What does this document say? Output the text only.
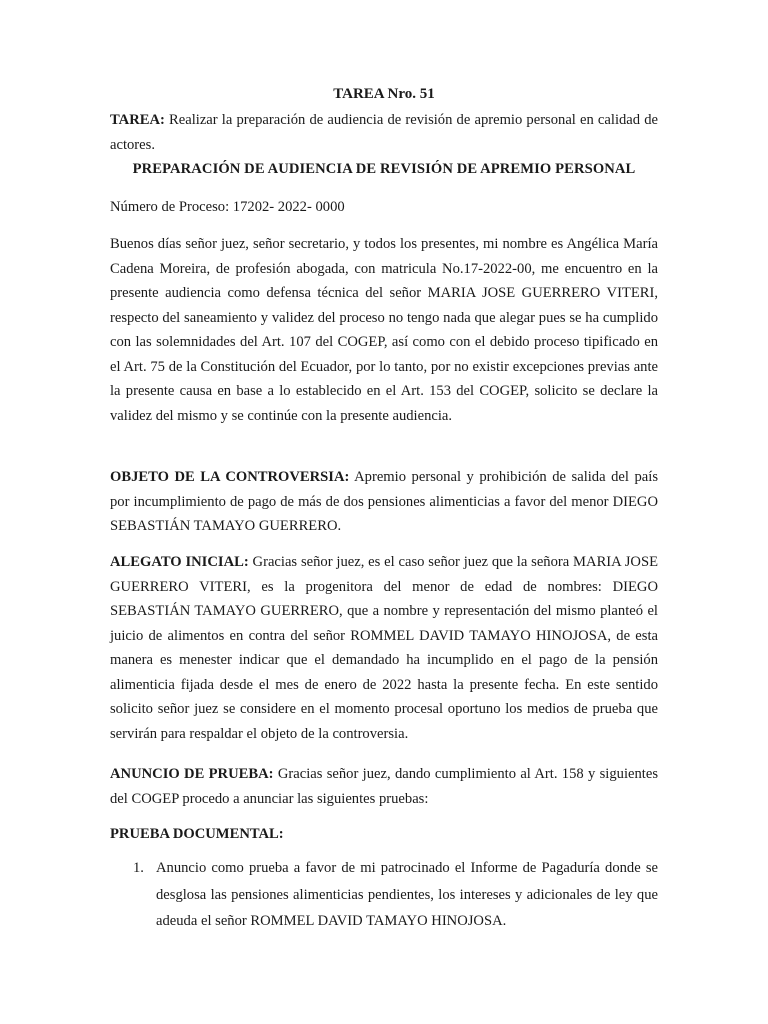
TAREA Nro. 51
TAREA: Realizar la preparación de audiencia de revisión de apremio personal en calidad de actores.
PREPARACIÓN DE AUDIENCIA DE REVISIÓN DE APREMIO PERSONAL
Número de Proceso: 17202- 2022- 0000
Buenos días señor juez, señor secretario, y todos los presentes, mi nombre es Angélica María Cadena Moreira, de profesión abogada, con matricula No.17-2022-00, me encuentro en la presente audiencia como defensa técnica del señor MARIA JOSE GUERRERO VITERI, respecto del saneamiento y validez del proceso no tengo nada que alegar pues se ha cumplido con las solemnidades del Art. 107 del COGEP, así como con el debido proceso tipificado en el Art. 75 de la Constitución del Ecuador, por lo tanto, por no existir excepciones previas ante la presente causa en base a lo establecido en el Art. 153 del COGEP, solicito se declare la validez del mismo y se continúe con la presente audiencia.
OBJETO DE LA CONTROVERSIA: Apremio personal y prohibición de salida del país por incumplimiento de pago de más de dos pensiones alimenticias a favor del menor DIEGO SEBASTIÁN TAMAYO GUERRERO.
ALEGATO INICIAL: Gracias señor juez, es el caso señor juez que la señora MARIA JOSE GUERRERO VITERI, es la progenitora del menor de edad de nombres: DIEGO SEBASTIÁN TAMAYO GUERRERO, que a nombre y representación del mismo planteó el juicio de alimentos en contra del señor ROMMEL DAVID TAMAYO HINOJOSA, de esta manera es menester indicar que el demandado ha incumplido en el pago de la pensión alimenticia fijada desde el mes de enero de 2022 hasta la presente fecha. En este sentido solicito señor juez se considere en el momento procesal oportuno los medios de prueba que servirán para respaldar el objeto de la controversia.
ANUNCIO DE PRUEBA: Gracias señor juez, dando cumplimiento al Art. 158 y siguientes del COGEP procedo a anunciar las siguientes pruebas:
PRUEBA DOCUMENTAL:
1. Anuncio como prueba a favor de mi patrocinado el Informe de Pagaduría donde se desglosa las pensiones alimenticias pendientes, los intereses y adicionales de ley que adeuda el señor ROMMEL DAVID TAMAYO HINOJOSA.
